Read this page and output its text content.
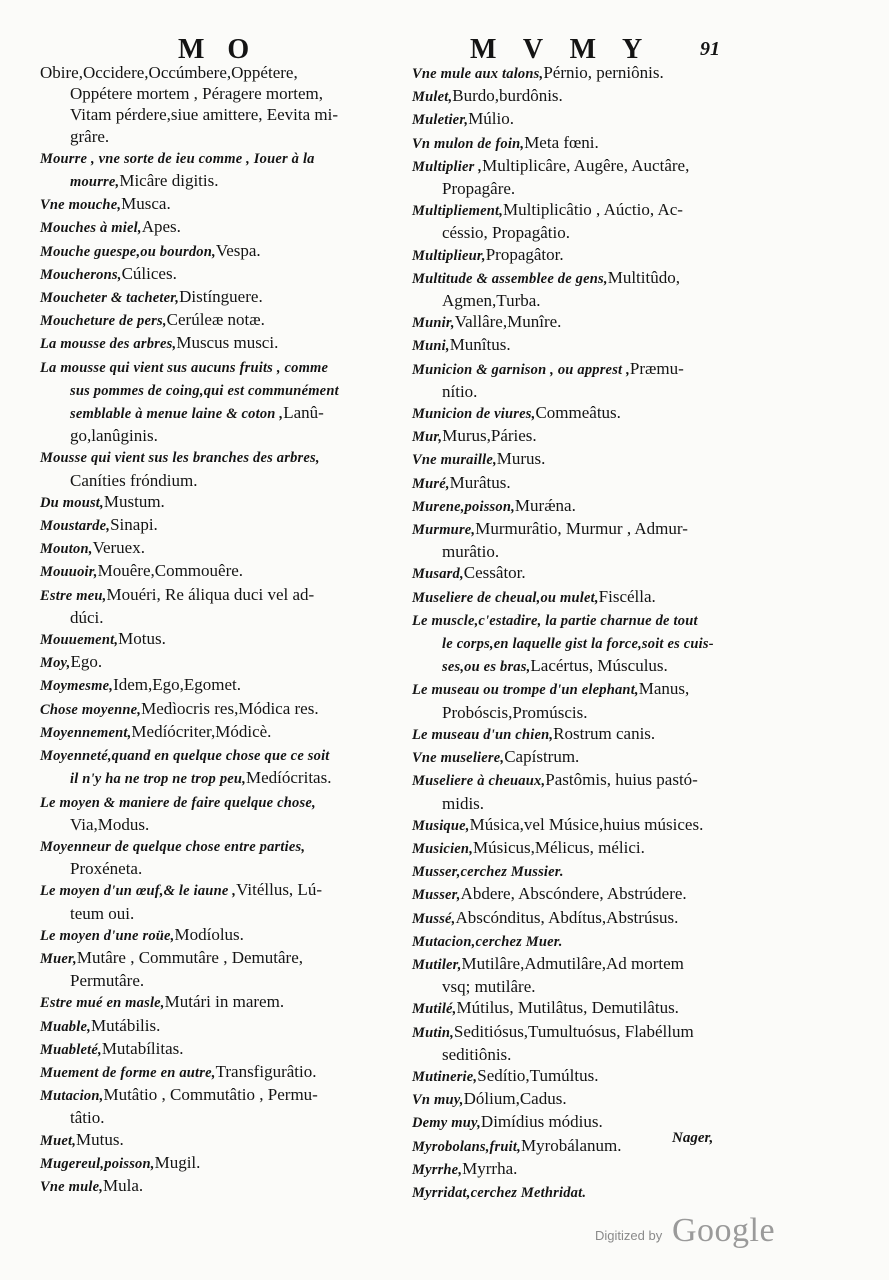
M O	M V M Y 91

Obire,Occidere,Occúmbere,Oppétere,

Oppétere mortem , Péragere mortem,

Vitam pérdere,siue amittere, Eevita mi-

grâre.

Mourre , vne sorte de ieu comme , Iouer à la

mourre,Micâre digitis.

Vne mouche,Musca.

Mouches à miel,Apes.

Mouche guespe,ou bourdon,Vespa.

Moucherons,Cúlices.

Moucheter & tacheter,Distínguere.

Moucheture de pers,Cerúleæ notæ.

La mousse des arbres,Muscus musci.

La mousse qui vient sus aucuns fruits , comme

sus pommes de coing,qui est communément

semblable à menue laine & coton ,Lanû-

go,lanûginis.

Mousse qui vient sus les branches des arbres,

Caníties fróndium.

Du moust,Mustum.

Moustarde,Sinapi.

Mouton,Veruex.

Mouuoir,Mouêre,Commouêre.

Estre meu,Mouéri, Re áliqua duci vel ad-

dúci.

Mouuement,Motus.

Moy,Ego.

Moymesme,Idem,Ego,Egomet.

Chose moyenne,Medìocris res,Módica res.

Moyennement,Medíócriter,Módicè.

Moyenneté,quand en quelque chose que ce soit

il n'y ha ne trop ne trop peu,Medíócritas.

Le moyen & maniere de faire quelque chose,

Via,Modus.

Moyenneur de quelque chose entre parties,

Proxéneta.

Le moyen d'un œuf,& le iaune ,Vitéllus, Lú-

teum oui.

Le moyen d'une roüe,Modíolus.

Muer,Mutâre , Commutâre , Demutâre,

Permutâre.

Estre mué en masle,Mutári in marem.

Muable,Mutábilis.

Muableté,Mutabílitas.

Muement de forme en autre,Transfigurâtio.

Mutacion,Mutâtio , Commutâtio , Permu-

tâtio.

Muet,Mutus.

Mugereul,poisson,Mugil.

Vne mule,Mula.

Vne mule aux talons,Pérnio, perniônis.

Mulet,Burdo,burdônis.

Muletier,Múlio.

Vn mulon de foin,Meta fœni.

Multiplier ,Multiplicâre, Augêre, Auctâre,

Propagâre.

Multipliement,Multiplicâtio , Aúctio, Ac-

céssio, Propagâtio.

Multiplieur,Propagâtor.

Multitude & assemblee de gens,Multitûdo,

Agmen,Turba.

Munir,Vallâre,Munîre.

Muni,Munîtus.

Municion & garnison , ou apprest ,Præmu-

nítio.

Municion de viures,Commeâtus.

Mur,Murus,Páries.

Vne muraille,Murus.

Muré,Murâtus.

Murene,poisson,Murǽna.

Murmure,Murmurâtio, Murmur , Admur-

murâtio.

Musard,Cessâtor.

Museliere de cheual,ou mulet,Fiscélla.

Le muscle,c'estadire, la partie charnue de tout

le corps,en laquelle gist la force,soit es cuis-

ses,ou es bras,Lacértus, Músculus.

Le museau ou trompe d'un elephant,Manus,

Probóscis,Promúscis.

Le museau d'un chien,Rostrum canis.

Vne museliere,Capístrum.

Museliere à cheuaux,Pastômis, huius pastó-

midis.

Musique,Música,vel Músice,huius músices.

Musicien,Músicus,Mélicus, mélici.

Musser,cerchez Mussier.

Musser,Abdere, Abscóndere, Abstrúdere.

Mussé,Abscónditus, Abdítus,Abstrúsus.

Mutacion,cerchez Muer.

Mutiler,Mutilâre,Admutilâre,Ad mortem

vsq; mutilâre.

Mutilé,Mútilus, Mutilâtus, Demutilâtus.

Mutin,Seditiósus,Tumultuósus, Flabéllum

seditiônis.

Mutinerie,Sedítio,Tumúltus.

Vn muy,Dólium,Cadus.

Demy muy,Dimídius módius.

Myrobolans,fruit,Myrobálanum.

Myrrhe,Myrrha.

Myrridat,cerchez Methridat.

Nager,
Digitized by Google
